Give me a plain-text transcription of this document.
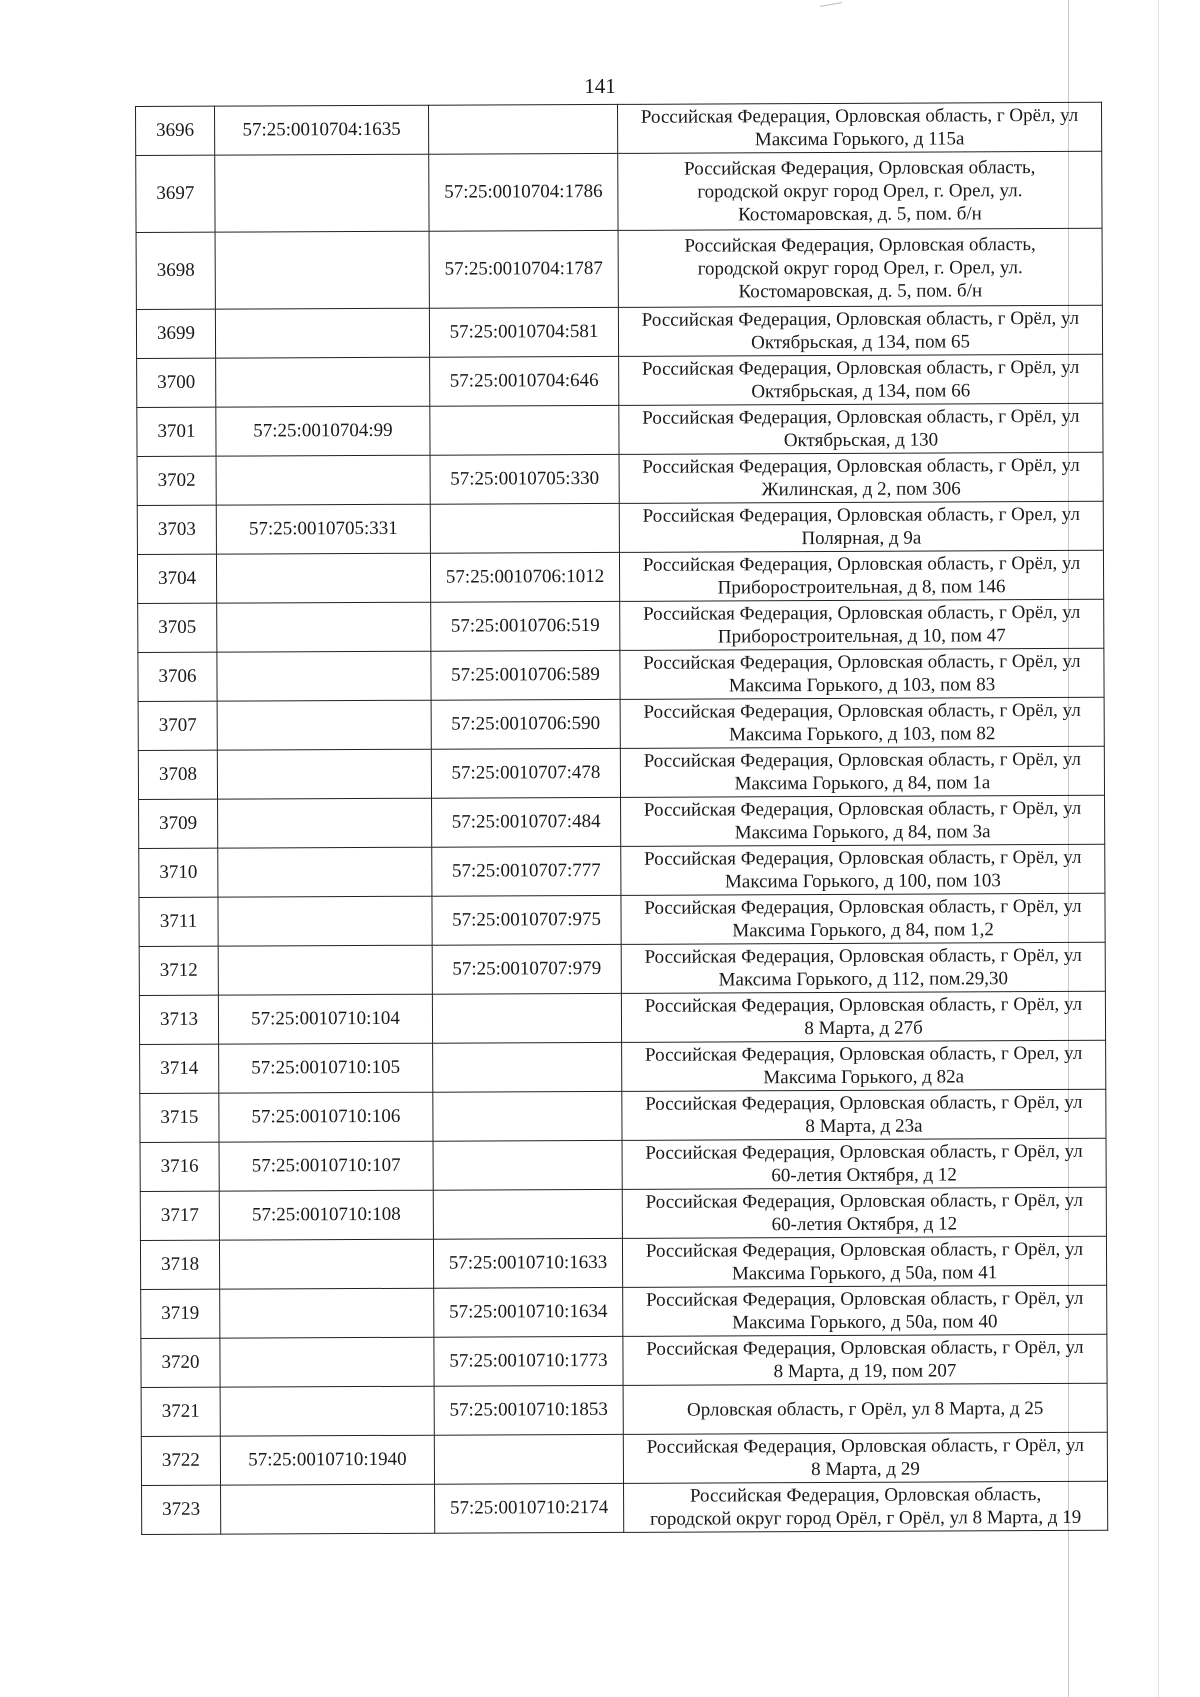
141
3696	57:25:0010704:1635		Российская Федерация, Орловская область, г Орёл, ул
Максима Горького, д 115а

3697		57:25:0010704:1786	Российская Федерация, Орловская область,
городской округ город Орел, г. Орел, ул.
Костомаровская, д. 5, пом. б/н

3698		57:25:0010704:1787	Российская Федерация, Орловская область,
городской округ город Орел, г. Орел, ул.
Костомаровская, д. 5, пом. б/н

3699		57:25:0010704:581	Российская Федерация, Орловская область, г Орёл, ул
Октябрьская, д 134, пом 65

3700		57:25:0010704:646	Российская Федерация, Орловская область, г Орёл, ул
Октябрьская, д 134, пом 66

3701	57:25:0010704:99		Российская Федерация, Орловская область, г Орёл, ул
Октябрьская, д 130

3702		57:25:0010705:330	Российская Федерация, Орловская область, г Орёл, ул
Жилинская, д 2, пом 306

3703	57:25:0010705:331		Российская Федерация, Орловская область, г Орел, ул
Полярная, д 9а

3704		57:25:0010706:1012	Российская Федерация, Орловская область, г Орёл, ул
Приборостроительная, д 8, пом 146

3705		57:25:0010706:519	Российская Федерация, Орловская область, г Орёл, ул
Приборостроительная, д 10, пом 47

3706		57:25:0010706:589	Российская Федерация, Орловская область, г Орёл, ул
Максима Горького, д 103, пом 83

3707		57:25:0010706:590	Российская Федерация, Орловская область, г Орёл, ул
Максима Горького, д 103, пом 82

3708		57:25:0010707:478	Российская Федерация, Орловская область, г Орёл, ул
Максима Горького, д 84, пом 1а

3709		57:25:0010707:484	Российская Федерация, Орловская область, г Орёл, ул
Максима Горького, д 84, пом 3а

3710		57:25:0010707:777	Российская Федерация, Орловская область, г Орёл, ул
Максима Горького, д 100, пом 103

3711		57:25:0010707:975	Российская Федерация, Орловская область, г Орёл, ул
Максима Горького, д 84, пом 1,2

3712		57:25:0010707:979	Российская Федерация, Орловская область, г Орёл, ул
Максима Горького, д 112, пом.29,30

3713	57:25:0010710:104		Российская Федерация, Орловская область, г Орёл, ул
8 Марта, д 27б

3714	57:25:0010710:105		Российская Федерация, Орловская область, г Орел, ул
Максима Горького, д 82а

3715	57:25:0010710:106		Российская Федерация, Орловская область, г Орёл, ул
8 Марта, д 23а

3716	57:25:0010710:107		Российская Федерация, Орловская область, г Орёл, ул
60-летия Октября, д 12

3717	57:25:0010710:108		Российская Федерация, Орловская область, г Орёл, ул
60-летия Октября, д 12

3718		57:25:0010710:1633	Российская Федерация, Орловская область, г Орёл, ул
Максима Горького, д 50а, пом 41

3719		57:25:0010710:1634	Российская Федерация, Орловская область, г Орёл, ул
Максима Горького, д 50а, пом 40

3720		57:25:0010710:1773	Российская Федерация, Орловская область, г Орёл, ул
8 Марта, д 19, пом 207

3721		57:25:0010710:1853	Орловская область, г Орёл, ул 8 Марта, д 25

3722	57:25:0010710:1940		Российская Федерация, Орловская область, г Орёл, ул
8 Марта, д 29

3723		57:25:0010710:2174	Российская Федерация, Орловская область,
городской округ город Орёл, г Орёл, ул 8 Марта, д 19
